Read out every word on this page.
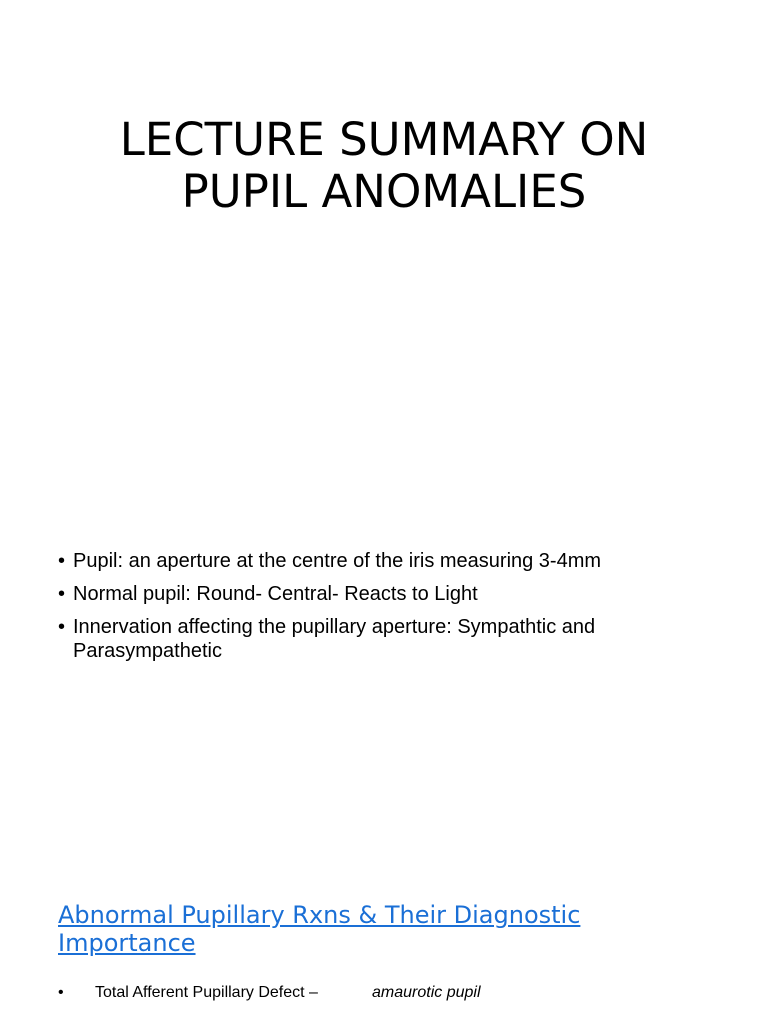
LECTURE SUMMARY ON
PUPIL ANOMALIES
• Pupil: an aperture at the centre of the iris measuring 3-4mm
• Normal pupil: Round- Central- Reacts to Light
• Innervation affecting the pupillary aperture: Sympathtic and Parasympathetic
Abnormal Pupillary Rxns & Their Diagnostic Importance
• Total Afferent Pupillary Defect –	amaurotic pupil
